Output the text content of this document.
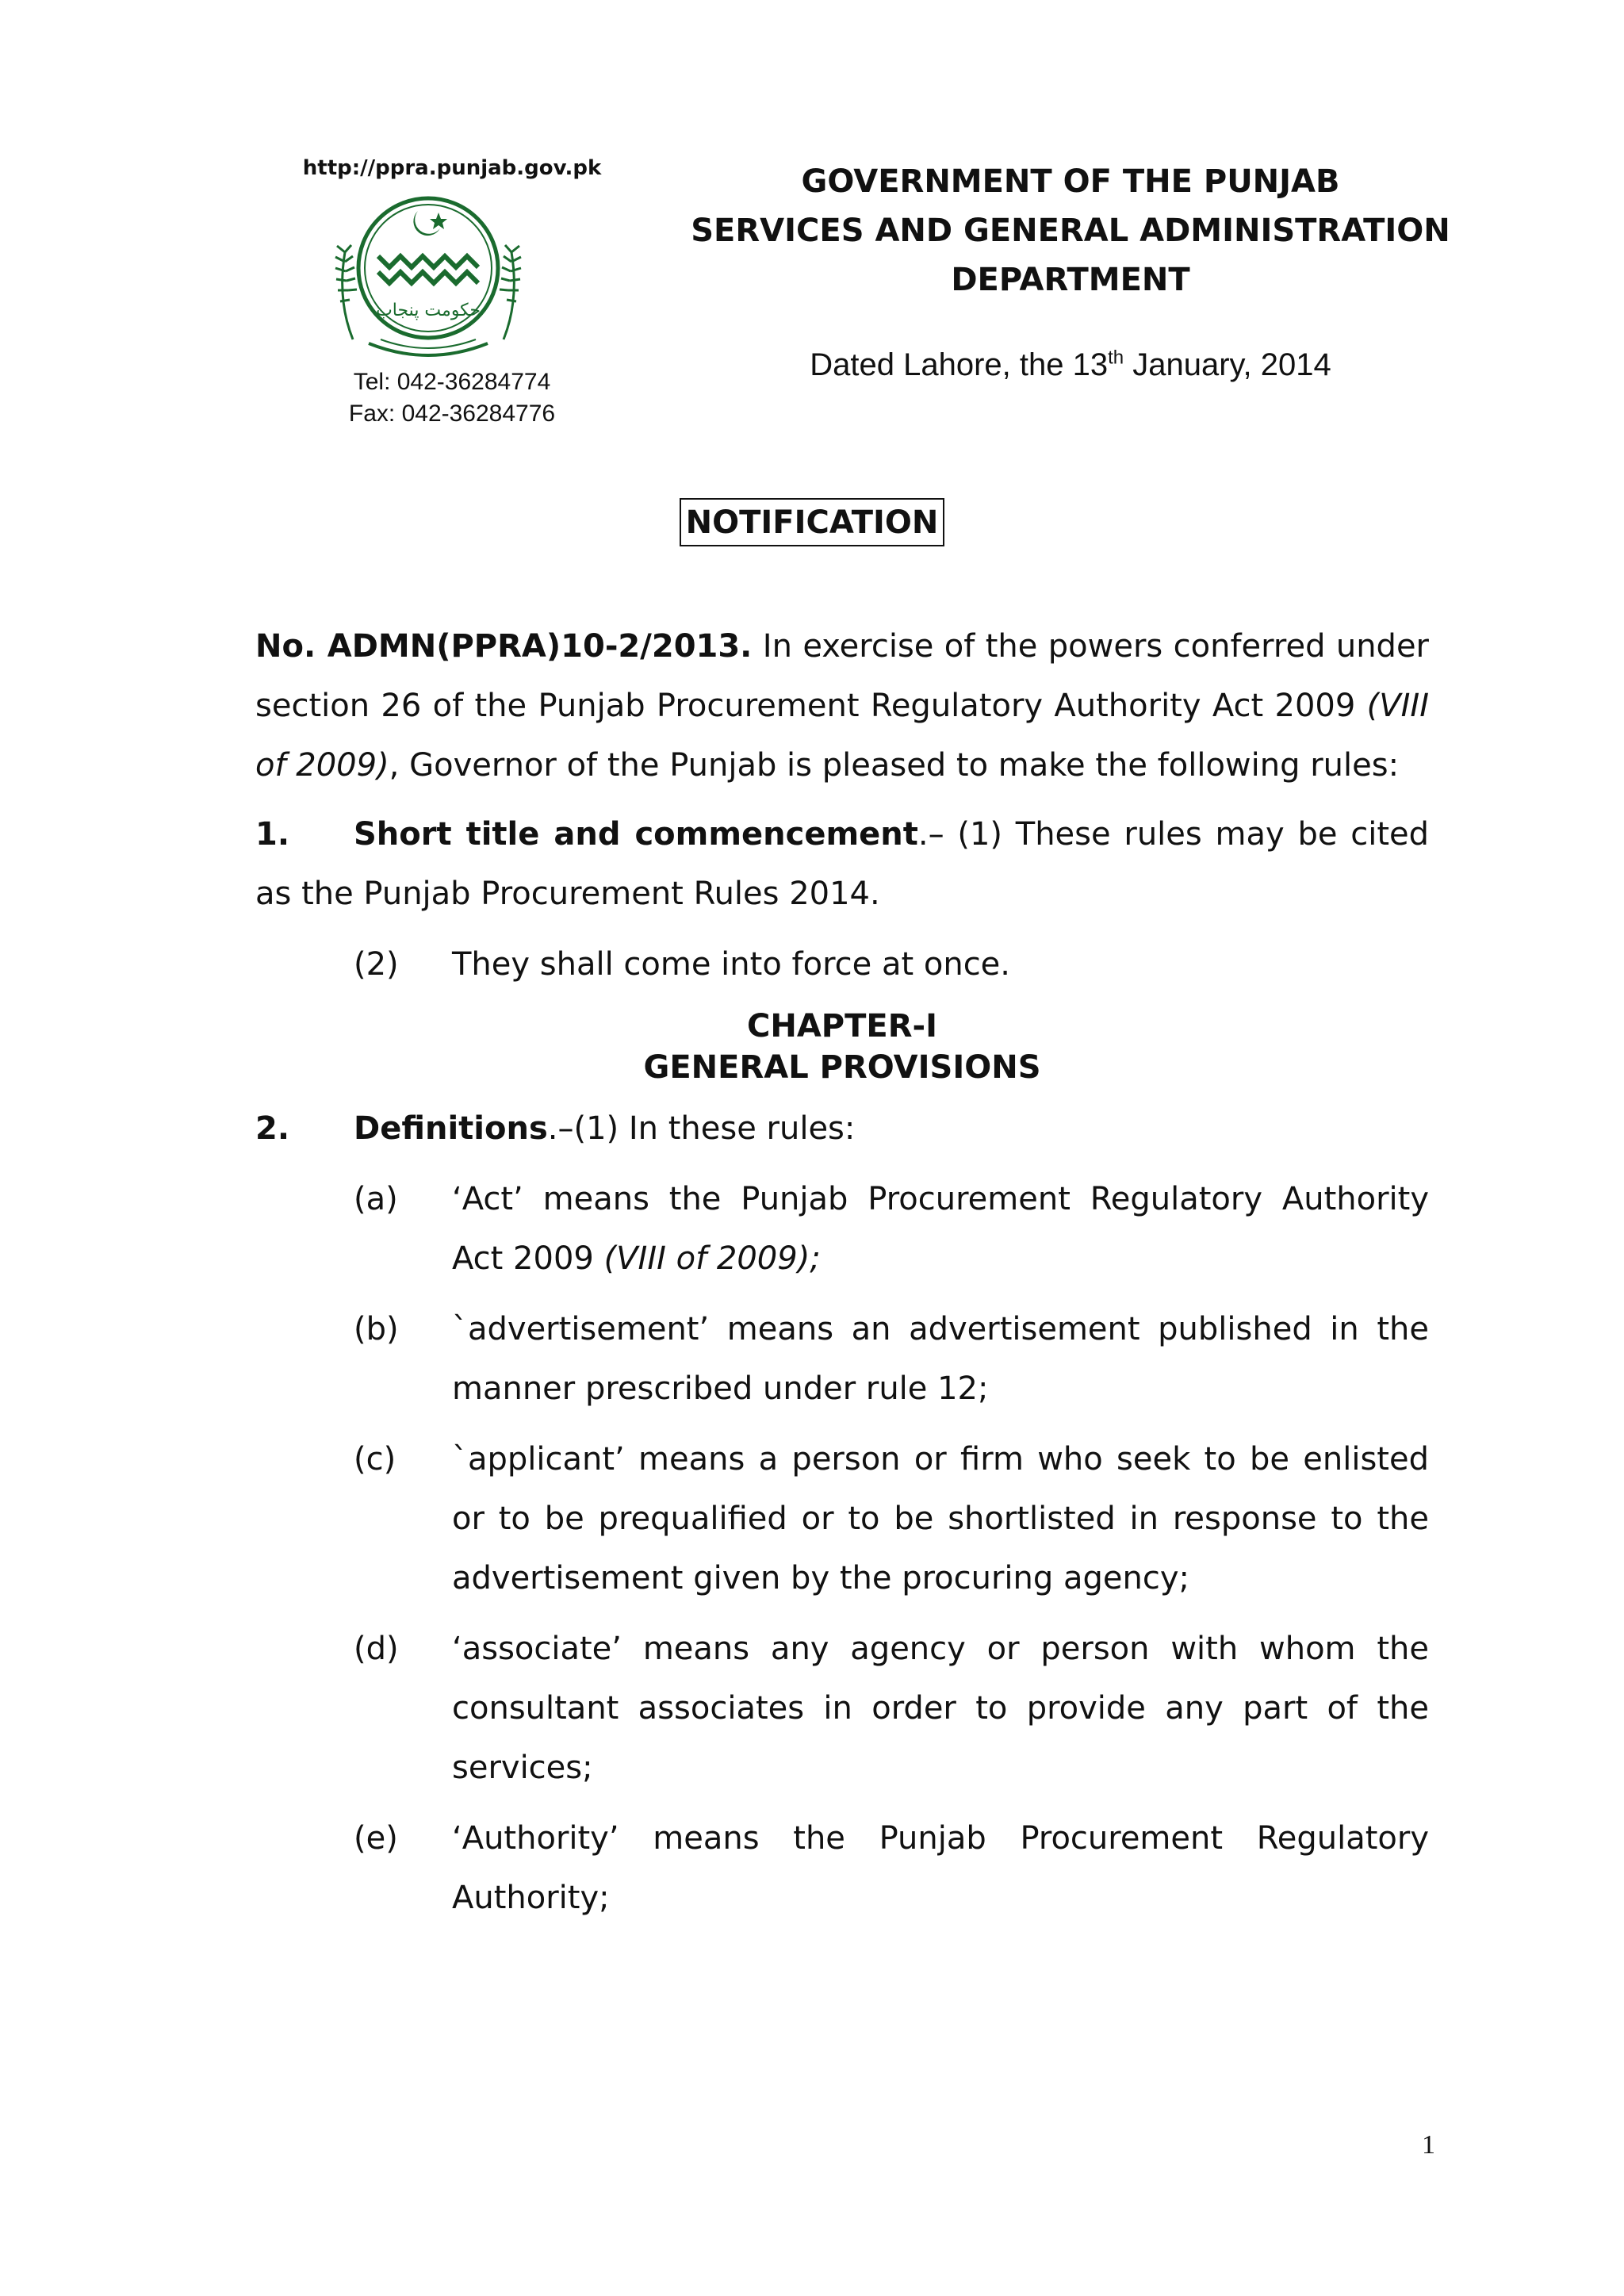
http://ppra.punjab.gov.pk
حکومت پنجاب
Tel: 042-36284774
Fax: 042-36284776
GOVERNMENT OF THE PUNJAB
SERVICES AND GENERAL ADMINISTRATION
DEPARTMENT
Dated Lahore, the 13th January, 2014
NOTIFICATION
No. ADMN(PPRA)10-2/2013. In exercise of the powers conferred under section 26 of the Punjab Procurement Regulatory Authority Act 2009 (VIII of 2009), Governor of the Punjab is pleased to make the following rules:
1. Short title and commencement.– (1) These rules may be cited as the Punjab Procurement Rules 2014.
(2)	They shall come into force at once.
CHAPTER-I
GENERAL PROVISIONS
2.	Definitions.–(1) In these rules:
(a)	‘Act’ means the Punjab Procurement Regulatory Authority Act 2009 (VIII of 2009);
(b)	`advertisement’ means an advertisement published in the manner prescribed under rule 12;
(c)	`applicant’ means a person or firm who seek to be enlisted or to be prequalified or to be shortlisted in response to the advertisement given by the procuring agency;
(d)	‘associate’ means any agency or person with whom the consultant associates in order to provide any part of the services;
(e)	‘Authority’ means the Punjab Procurement Regulatory Authority;
1
